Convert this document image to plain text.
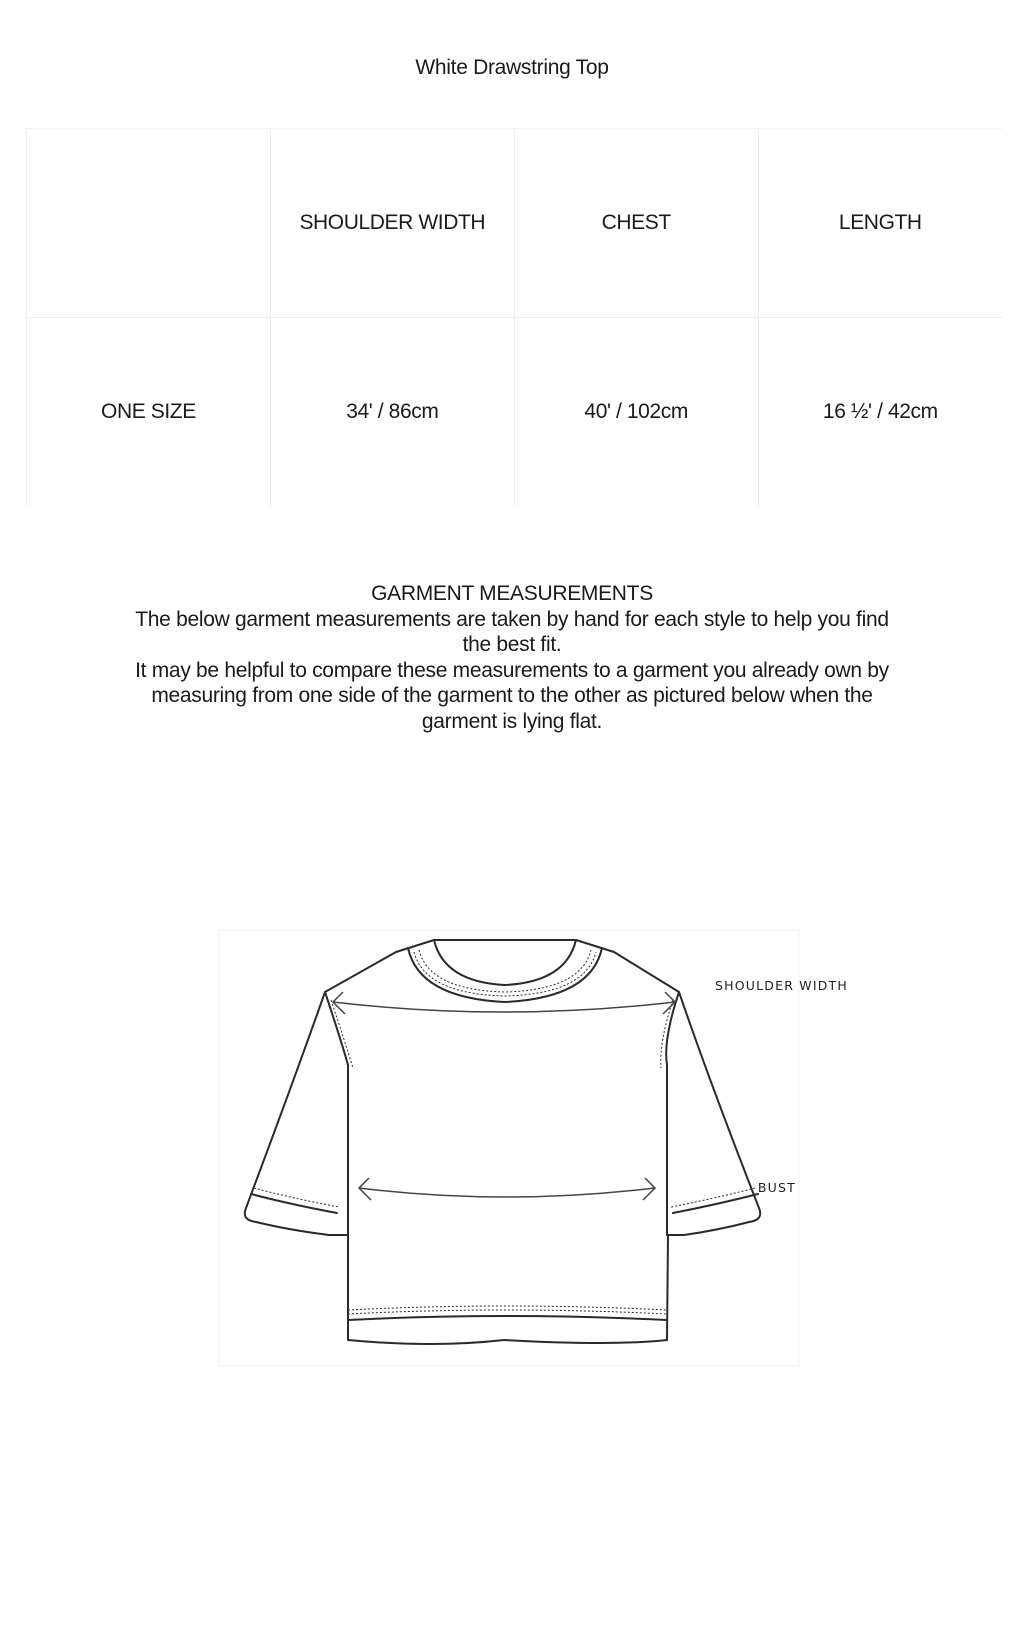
White Drawstring Top
	SHOULDER WIDTH	CHEST	LENGTH
ONE SIZE	34' / 86cm	40' / 102cm	16 ½' / 42cm

GARMENT MEASUREMENTS

The below garment measurements are taken by hand for each style to help you find the best fit.

It may be helpful to compare these measurements to a garment you already own by measuring from one side of the garment to the other as pictured below when the garment is lying flat.

SHOULDER WIDTH
BUST
